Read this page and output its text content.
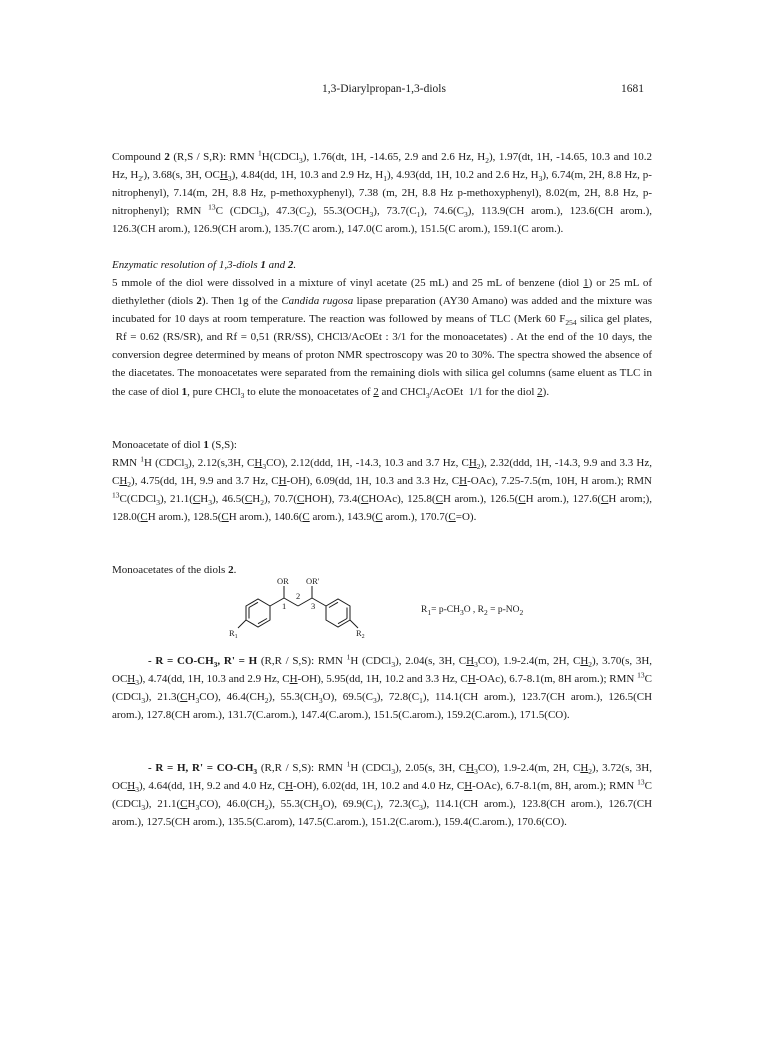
1,3-Diarylpropan-1,3-diols	1681

Compound 2 (R,S / S,R): RMN $^1$H(CDCl$_3$), 1.76(dt, 1H, -14.65, 2.9 and 2.6 Hz, $H_2$), 1.97(dt, 1H, -14.65, 10.3 and 10.2 Hz, $H_{2'}$), 3.68(s, 3H, $OCH_3$), 4.84(dd, 1H, 10.3 and 2.9 Hz, $H_1$), 4.93(dd, 1H, 10.2 and 2.6 Hz, $H_3$), 6.74(m, 2H, 8.8 Hz, p-nitrophenyl), 7.14(m, 2H, 8.8 Hz, p-methoxyphenyl), 7.38 (m, 2H, 8.8 Hz p-methoxyphenyl), 8.02(m, 2H, 8.8 Hz, p-nitrophenyl); RMN $^{13}$C (CDCl$_3$), $47.3(C_2)$, $55.3(OCH_3)$, $73.7(C_1)$, $74.6(C_3)$, 113.9(CH arom.), 123.6(CH arom.), 126.3(CH arom.), 126.9(CH arom.), 135.7(C arom.), 147.0(C arom.), 151.5(C arom.), 159.1(C arom.).

Enzymatic resolution of 1,3-diols 1 and 2.

5 mmole of the diol were dissolved in a mixture of vinyl acetate (25 mL) and 25 mL of benzene (diol 1) or 25 mL of diethylether (diols 2). Then 1g of the Candida rugosa lipase preparation (AY30 Amano) was added and the mixture was incubated for 10 days at room temperature. The reaction was followed by means of TLC (Merk 60 $F_{254}$ silica gel plates,  Rf = 0.62 (RS/SR), and Rf = 0,51 (RR/SS), CHCl3/AcOEt : 3/1 for the monoacetates) . At the end of the 10 days, the conversion degree determined by means of proton NMR spectroscopy was 20 to 30%. The spectra showed the absence of the diacetates. The monoacetates were separated from the remaining diols with silica gel columns (same eluent as TLC in the case of diol 1, pure CHCl$_3$ to elute the monoacetates of 2 and CHCl$_3$/AcOEt  1/1 for the diol 2).

Monoacetate of diol 1 (S,S):

RMN $^1$H (CDCl$_3$), 2.12(s,3H, $CH_3CO$), 2.12(ddd, 1H, -14.3, 10.3 and 3.7 Hz, $CH_2$), 2.32(ddd, 1H, -14.3, 9.9 and 3.3 Hz, $CH_2$), 4.75(dd, 1H, 9.9 and 3.7 Hz, CH-OH), 6.09(dd, 1H, 10.3 and 3.3 Hz, CH-OAc), 7.25-7.5(m, 10H, H arom.); RMN $^{13}$C(CDCl$_3$), $21.1(CH_3)$, $46.5(CH_2)$, 70.7(CHOH), 73.4(CHOAc), 125.8(CH arom.), 126.5(CH arom.), 127.6(CH arom;), 128.0(CH arom.), 128.5(CH arom.), 140.6(C arom.), 143.9(C arom.), 170.7(C=O).

Monoacetates of the diols 2.

OR OR'
1
2
3
$R_1$	$R_2$
$R_1= p-CH_3O$ , $R_2 = p-NO_2$

- $R = CO-CH_3$, R' = H (R,R / S,S): RMN $^1$H (CDCl$_3$), 2.04(s, 3H, $CH_3CO$), 1.9-2.4(m, 2H, $CH_2$), 3.70(s, 3H, $OCH_3$), 4.74(dd, 1H, 10.3 and 2.9 Hz, CH-OH), 5.95(dd, 1H, 10.2 and 3.3 Hz, CH-OAc), 6.7-8.1(m, 8H arom.); RMN $^{13}$C (CDCl$_3$), $21.3(CH_3CO)$, $46.4(CH_2)$, $55.3(CH_3O)$, $69.5(C_3)$, $72.8(C_1)$, 114.1(CH arom.), 123.7(CH arom.), 126.5(CH arom.), 127.8(CH arom.), 131.7(C.arom.), 147.4(C.arom.), 151.5(C.arom.), 159.2(C.arom.), 171.5(CO).

- R = H, $R' = CO-CH_3$ (R,R / S,S): RMN $^1$H (CDCl$_3$), 2.05(s, 3H, $CH_3CO$), 1.9-2.4(m, 2H, $CH_2$), 3.72(s, 3H, $OCH_3$), 4.64(dd, 1H, 9.2 and 4.0 Hz, CH-OH), 6.02(dd, 1H, 10.2 and 4.0 Hz, CH-OAc), 6.7-8.1(m, 8H, arom.); RMN $^{13}$C (CDCl$_3$), $21.1(CH_3CO)$, $46.0(CH_2)$, $55.3(CH_3O)$, $69.9(C_1)$, $72.3(C_3)$, 114.1(CH arom.), 123.8(CH arom.), 126.7(CH arom.), 127.5(CH arom.), 135.5(C.arom), 147.5(C.arom.), 151.2(C.arom.), 159.4(C.arom.), 170.6(CO).
